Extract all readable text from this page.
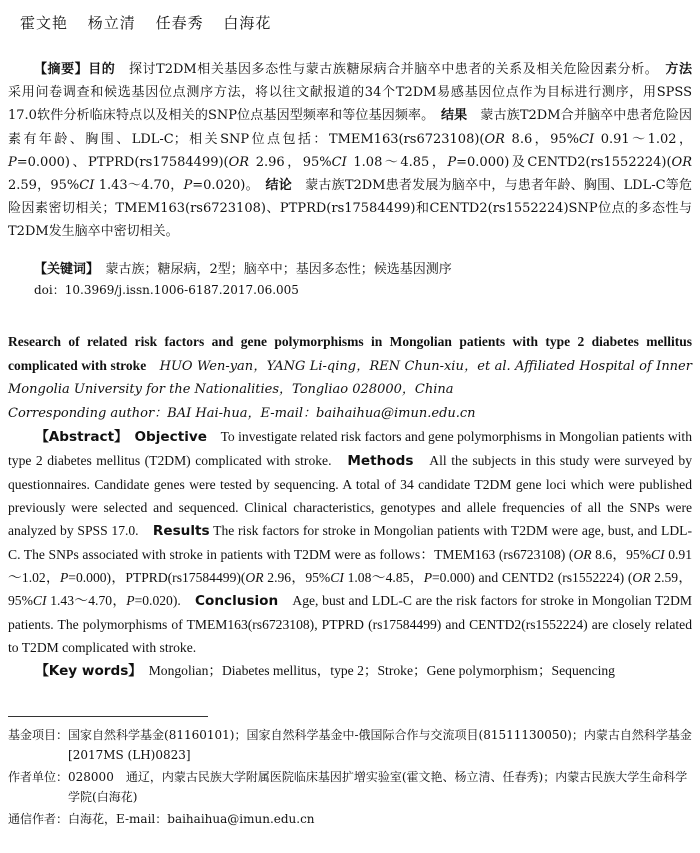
霍文艳 杨立清 任春秀 白海花

【摘要】目的　 探讨T2DM相关基因多态性与蒙古族糖尿病合并脑卒中患者的关系及相关危险因素分析。　 方法　采用问卷调查和候选基因位点测序方法，将以往文献报道的34个T2DM易感基因位点作为目标进行测序，用SPSS 17.0软件分析临床特点以及相关的SNP位点基因型频率和等位基因频率。　 结果　 蒙古族T2DM合并脑卒中患者危险因素有年龄、胸围、LDL-C；相关SNP位点包括：TMEM163(rs6723108)(OR 8.6，95%CI 0.91～1.02，P=0.000)、PTPRD(rs17584499)(OR 2.96，95%CI 1.08～4.85，P=0.000)及CENTD2(rs1552224)(OR 2.59，95%CI 1.43～4.70，P=0.020)。　 结论　 蒙古族T2DM患者发展为脑卒中，与患者年龄、胸围、LDL-C等危险因素密切相关；TMEM163(rs6723108)、PTPRD(rs17584499)和CENTD2(rs1552224)SNP位点的多态性与T2DM发生脑卒中密切相关。

【关键词】　 蒙古族；糖尿病，2型；脑卒中；基因多态性；候选基因测序
doi：10.3969/j.issn.1006-6187.2017.06.005
Research of related risk factors and gene polymorphisms in Mongolian patients with type 2 diabetes mellitus complicated with stroke　 HUO Wen-yan，YANG Li-qing，REN Chun-xiu，et al. Affiliated Hospital of Inner Mongolia University for the Nationalities，Tongliao 028000，China
Corresponding author：BAI Hai-hua，E-mail：baihaihua@imun.edu.cn

【Abstract】　 Objective　 To investigate related risk factors and gene polymorphisms in Mongolian patients with type 2 diabetes mellitus (T2DM) complicated with stroke.　 Methods　 All the subjects in this study were surveyed by questionnaires. Candidate genes were tested by sequencing. A total of 34 candidate T2DM gene loci which were published previously were selected and sequenced. Clinical characteristics, genotypes and allele frequencies of all the SNPs were analyzed by SPSS 17.0.　 Results The risk factors for stroke in Mongolian patients with T2DM were age, bust, and LDL-C. The SNPs associated with stroke in patients with T2DM were as follows：TMEM163 (rs6723108) (OR 8.6，95%CI 0.91～1.02，P=0.000)，PTPRD(rs17584499)(OR 2.96，95%CI 1.08～4.85，P=0.000) and CENTD2 (rs1552224) (OR 2.59，95%CI 1.43～4.70，P=0.020).　 Conclusion　 Age, bust and LDL-C are the risk factors for stroke in Mongolian T2DM patients. The polymorphisms of TMEM163(rs6723108), PTPRD (rs17584499) and CENTD2(rs1552224) are closely related to T2DM complicated with stroke.

【Key words】　 Mongolian；Diabetes mellitus，type 2；Stroke；Gene polymorphism；Sequencing

基金项目： 国家自然科学基金(81160101)；国家自然科学基金中-俄国际合作与交流项目(81511130050)；内蒙古自然科学基金[2017MS (LH)0823]
作者单位： 028000　通辽，内蒙古民族大学附属医院临床基因扩增实验室(霍文艳、杨立清、任春秀)；内蒙古民族大学生命科学学院(白海花)
通信作者： 白海花，E-mail：baihaihua@imun.edu.cn
